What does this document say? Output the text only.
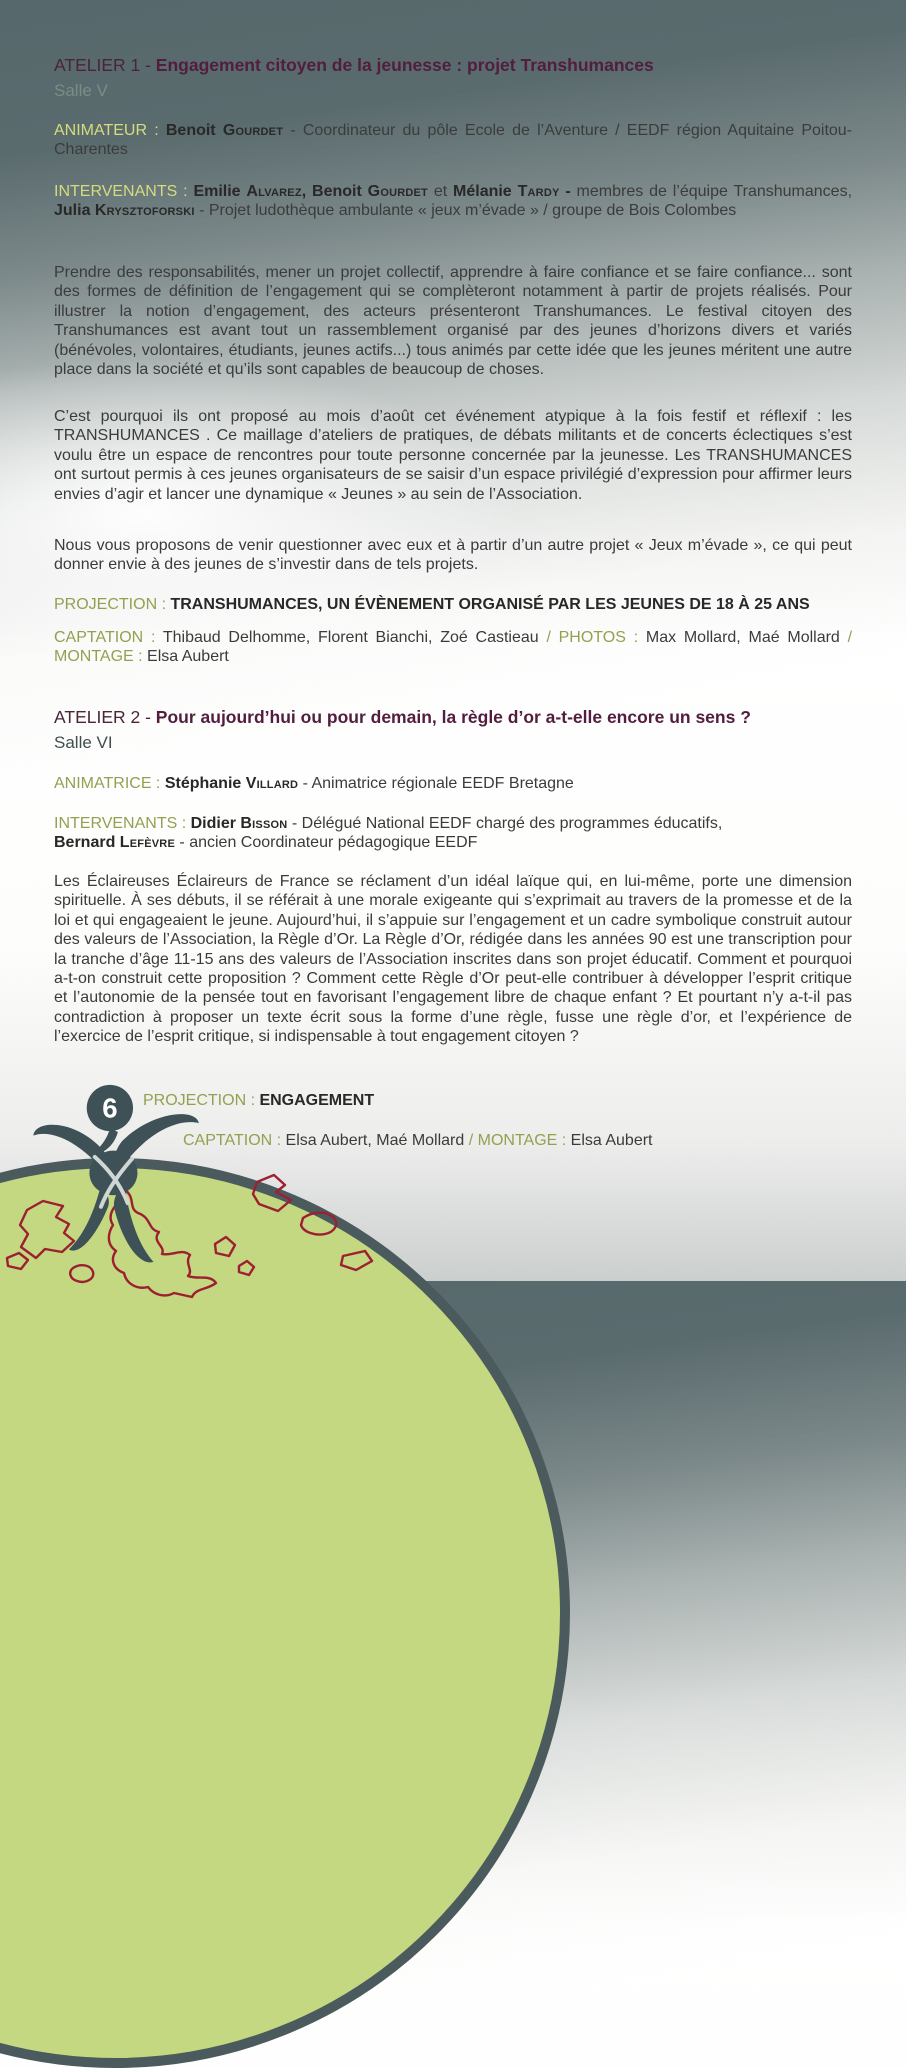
ATELIER 1 - Engagement citoyen de la jeunesse : projet Transhumances
Salle V
ANIMATEUR : Benoit Gourdet - Coordinateur du pôle Ecole de l’Aventure / EEDF région Aquitaine Poitou-Charentes
INTERVENANTS : Emilie Alvarez, Benoit Gourdet et Mélanie Tardy - membres de l’équipe Transhumances, Julia Krysztoforski - Projet ludothèque ambulante « jeux m’évade » / groupe de Bois Colombes
Prendre des responsabilités, mener un projet collectif, apprendre à faire confiance et se faire confiance... sont des formes de définition de l’engagement qui se complèteront notamment à partir de projets réalisés. Pour illustrer la notion d’engagement, des acteurs présenteront Transhumances. Le festival citoyen des Transhumances est avant tout un rassemblement organisé par des jeunes d’horizons divers et variés (bénévoles, volontaires, étudiants, jeunes actifs...) tous animés par cette idée que les jeunes méritent une autre place dans la société et qu’ils sont capables de beaucoup de choses.
C’est pourquoi ils ont proposé au mois d’août cet événement atypique à la fois festif et réflexif : les TRANSHUMANCES . Ce maillage d’ateliers de pratiques, de débats militants et de concerts éclectiques s’est voulu être un espace de rencontres pour toute personne concernée par la jeunesse. Les TRANSHUMANCES ont surtout permis à ces jeunes organisateurs de se saisir d’un espace privilégié d’expression pour affirmer leurs envies d’agir et lancer une dynamique « Jeunes » au sein de l’Association.
Nous vous proposons de venir questionner avec eux et à partir d’un autre projet « Jeux m’évade », ce qui peut donner envie à des jeunes de s’investir dans de tels projets.
PROJECTION : TRANSHUMANCES, UN ÉVÈNEMENT ORGANISÉ PAR LES JEUNES DE 18 À 25 ANS
CAPTATION : Thibaud Delhomme, Florent Bianchi, Zoé Castieau / PHOTOS : Max Mollard, Maé Mollard / MONTAGE : Elsa Aubert
ATELIER 2 - Pour aujourd’hui ou pour demain, la règle d’or a-t-elle encore un sens ?
Salle VI
ANIMATRICE : Stéphanie Villard - Animatrice régionale EEDF Bretagne
INTERVENANTS : Didier Bisson - Délégué National EEDF chargé des programmes éducatifs,
Bernard Lefèvre - ancien Coordinateur pédagogique EEDF
Les Éclaireuses Éclaireurs de France se réclament d’un idéal laïque qui, en lui-même, porte une dimension spirituelle. À ses débuts, il se référait à une morale exigeante qui s’exprimait au travers de la promesse et de la loi et qui engageaient le jeune. Aujourd’hui, il s’appuie sur l’engagement et un cadre symbolique construit autour des valeurs de l’Association, la Règle d’Or. La Règle d’Or, rédigée dans les années 90 est une transcription pour la tranche d’âge 11-15 ans des valeurs de l’Association inscrites dans son projet éducatif. Comment et pourquoi a-t-on construit cette proposition ? Comment cette Règle d’Or peut-elle contribuer à développer l’esprit critique et l’autonomie de la pensée tout en favorisant l’engagement libre de chaque enfant ? Et pourtant n’y a-t-il pas contradiction à proposer un texte écrit sous la forme d’une règle, fusse une règle d’or, et l’expérience de l’exercice de l’esprit critique, si indispensable à tout engagement citoyen ?
PROJECTION : ENGAGEMENT
CAPTATION : Elsa Aubert, Maé Mollard / MONTAGE : Elsa Aubert
6
